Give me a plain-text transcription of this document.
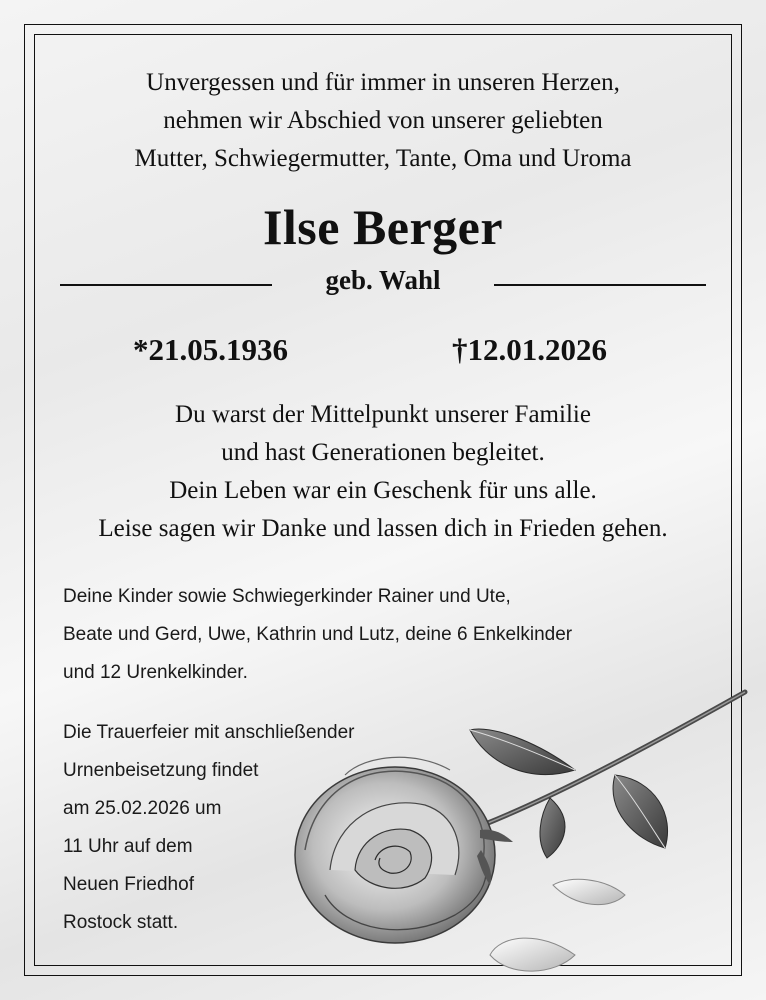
Unvergessen und für immer in unseren Herzen,
nehmen wir Abschied von unserer geliebten
Mutter, Schwiegermutter, Tante, Oma und Uroma
Ilse Berger
geb. Wahl
*21.05.1936	†12.01.2026
Du warst der Mittelpunkt unserer Familie
und hast Generationen begleitet.
Dein Leben war ein Geschenk für uns alle.
Leise sagen wir Danke und lassen dich in Frieden gehen.
Deine Kinder sowie Schwiegerkinder Rainer und Ute,
Beate und Gerd, Uwe, Kathrin und Lutz, deine 6 Enkelkinder
und 12 Urenkelkinder.
Die Trauerfeier mit anschließender
Urnenbeisetzung findet
am 25.02.2026 um
11 Uhr auf dem
Neuen Friedhof
Rostock statt.
